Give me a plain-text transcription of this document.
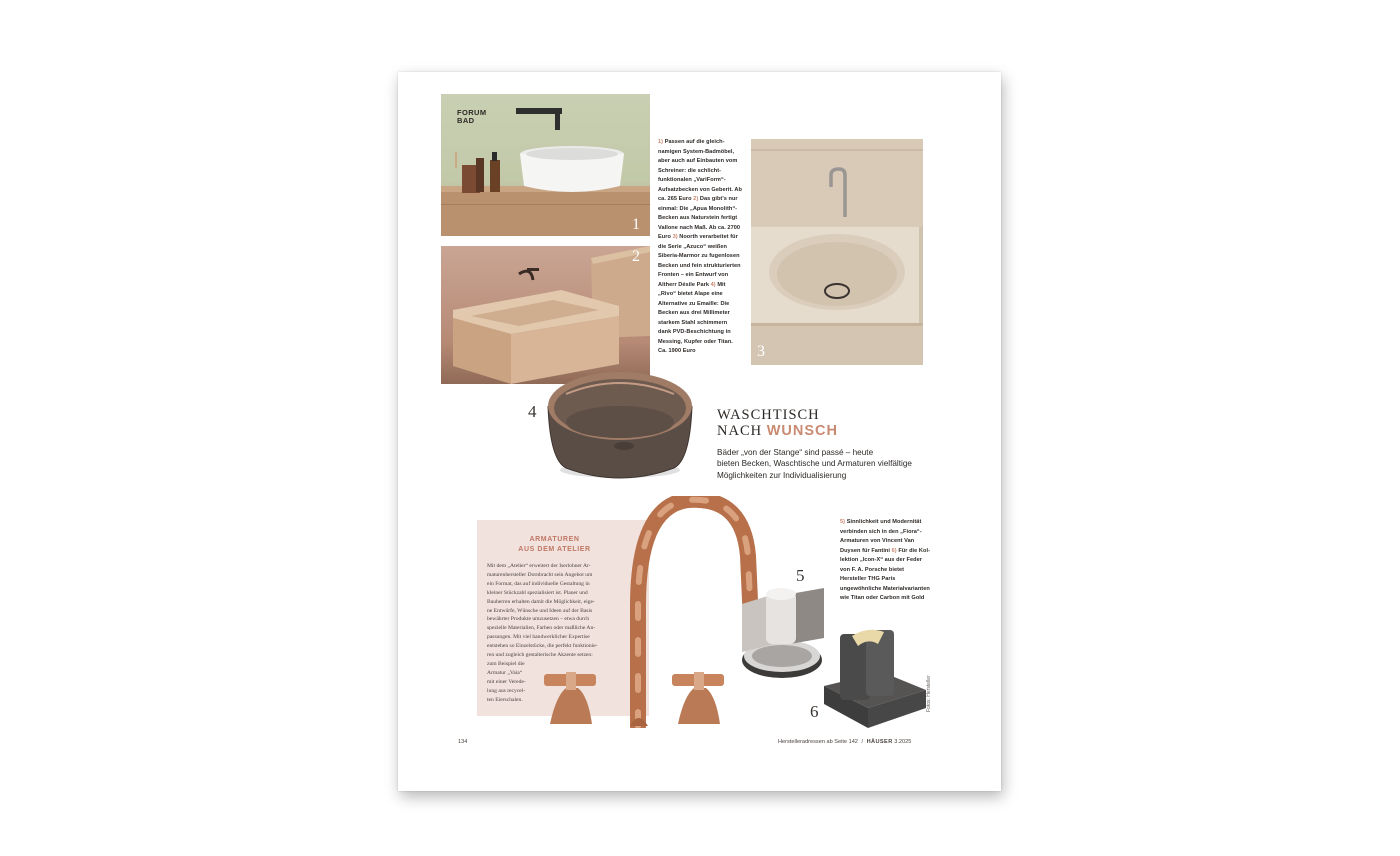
FORUM
BAD
1
2
1) Passen auf die gleichnamigen System-Badmöbel, aber auch auf Einbauten vom Schreiner: die schlicht-funktionalen „VariForm“-Aufsatzbecken von Geberit. Ab ca. 265 Euro 2) Das gibt's nur einmal: Die „Apua Monolith“-Becken aus Naturstein fertigt Vallone nach Maß. Ab ca. 2700 Euro 3) Noorth verarbeitet für die Serie „Azuco“ weißen Siberia-Marmor zu fugenlosen Becken und fein strukturierten Fronten – ein Entwurf von Altherr Désile Park 4) Mit „Rivo“ bietet Alape eine Alternative zu Emaille: Die Becken aus drei Millimeter starkem Stahl schimmern dank PVD-Beschichtung in Messing, Kupfer oder Titan. Ca. 1900 Euro	3
4	WASCHTISCH
NACH WUNSCH
Bäder „von der Stange“ sind passé – heute
bieten Becken, Waschtische und Armaturen vielfältige
Möglichkeiten zur Individualisierung
ARMATUREN
AUS DEM ATELIER
Mit dem „Atelier“ erweitert der Iserlohner Ar-
maturenhersteller Dornbracht sein Angebot um
ein Format, das auf individuelle Gestaltung in
kleiner Stückzahl spezialisiert ist. Planer und
Bauherren erhalten damit die Möglichkeit, eige-
ne Entwürfe, Wünsche und Ideen auf der Basis
bewährter Produkte umzusetzen – etwa durch
spezielle Materialien, Farben oder maßliche An-
passungen. Mit viel handwerklicher Expertise
entstehen so Einzelstücke, die perfekt funktionie-
ren und zugleich gestalterische Akzente setzen:
zum Beispiel die
Armatur „Vaia“
mit einer Verede-
lung aus recycel-
ten Eierschalen.
5
6
5) Sinnlichkeit und Modernität verbinden sich in den „Fiora“-Armaturen von Vincent Van Duysen für Fantini 6) Für die Kollektion „Icon-X“ aus der Feder von F. A. Porsche bietet Hersteller THG Paris ungewöhnliche Materialvarianten wie Titan oder Carbon mit Gold
Fotos: Hersteller
134	Herstelleradressen ab Seite 142 / HÄUSER 3.2025
